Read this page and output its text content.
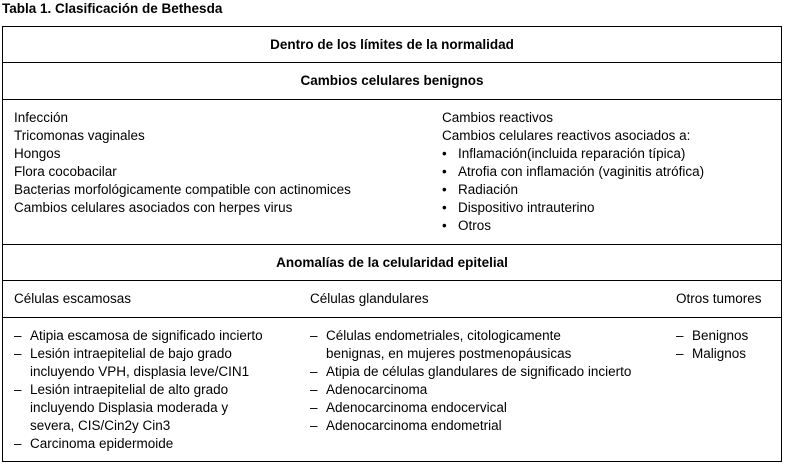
Tabla 1. Clasificación de Bethesda
Dentro de los límites de la normalidad
Cambios celulares benignos
Infección
Tricomonas vaginales
Hongos
Flora cocobacilar
Bacterias morfológicamente compatible con actinomices
Cambios celulares asociados con herpes virus
Cambios reactivos
Cambios celulares reactivos asociados a:
• Inflamación(incluida reparación típica)
• Atrofia con inflamación (vaginitis atrófica)
• Radiación
• Dispositivo intrauterino
• Otros
Anomalías de la celularidad epitelial
Células escamosas	Células glandulares	Otros tumores
– Atipia escamosa de significado incierto
– Lesión intraepitelial de bajo grado
incluyendo VPH, displasia leve/CIN1
– Lesión intraepitelial de alto grado
incluyendo Displasia moderada y
severa, CIS/Cin2y Cin3
– Carcinoma epidermoide
– Células endometriales, citologicamente
benignas, en mujeres postmenopáusicas
– Atipia de células glandulares de significado incierto
– Adenocarcinoma
– Adenocarcinoma endocervical
– Adenocarcinoma endometrial
– Benignos
– Malignos
